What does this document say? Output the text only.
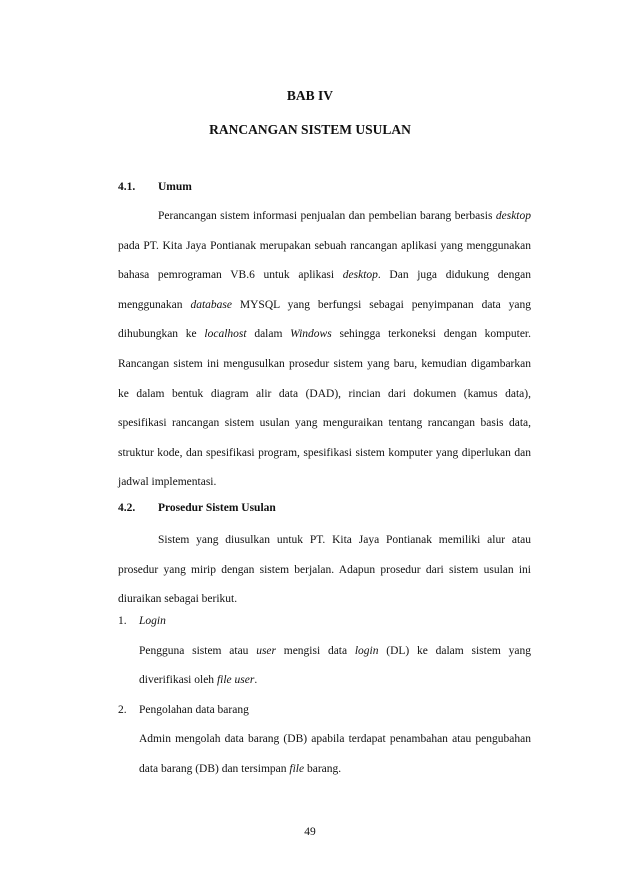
BAB IV
RANCANGAN SISTEM USULAN
4.1. Umum

Perancangan sistem informasi penjualan dan pembelian barang berbasis desktop pada PT. Kita Jaya Pontianak merupakan sebuah rancangan aplikasi yang menggunakan bahasa pemrograman VB.6 untuk aplikasi desktop. Dan juga didukung dengan menggunakan database MYSQL yang berfungsi sebagai penyimpanan data yang dihubungkan ke localhost dalam Windows sehingga terkoneksi dengan komputer. Rancangan sistem ini mengusulkan prosedur sistem yang baru, kemudian digambarkan ke dalam bentuk diagram alir data (DAD), rincian dari dokumen (kamus data), spesifikasi rancangan sistem usulan yang menguraikan tentang rancangan basis data, struktur kode, dan spesifikasi program, spesifikasi sistem komputer yang diperlukan dan jadwal implementasi.

4.2. Prosedur Sistem Usulan

Sistem yang diusulkan untuk PT. Kita Jaya Pontianak memiliki alur atau prosedur yang mirip dengan sistem berjalan. Adapun prosedur dari sistem usulan ini diuraikan sebagai berikut.

1.	Login
Pengguna sistem atau user mengisi data login (DL) ke dalam sistem yang diverifikasi oleh file user.
2.	Pengolahan data barang
Admin mengolah data barang (DB) apabila terdapat penambahan atau pengubahan data barang (DB) dan tersimpan file barang.
49
